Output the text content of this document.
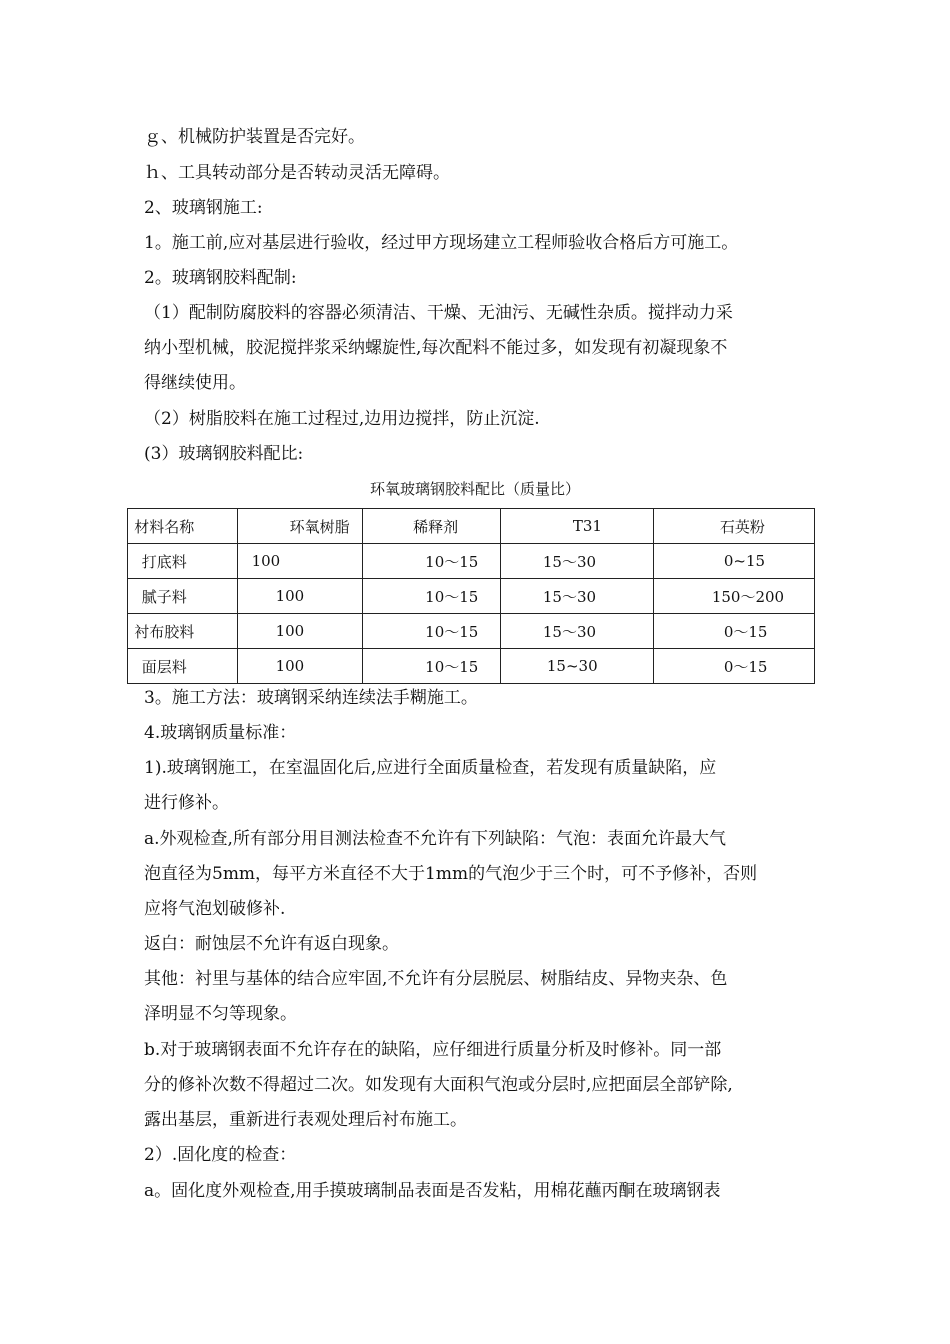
ｇ、机械防护装置是否完好。
ｈ、工具转动部分是否转动灵活无障碍。
2、玻璃钢施工:
1。施工前,应对基层进行验收，经过甲方现场建立工程师验收合格后方可施工。
2。玻璃钢胶料配制:
（1）配制防腐胶料的容器必须清洁、干燥、无油污、无碱性杂质。搅拌动力采
纳小型机械，胶泥搅拌浆采纳螺旋性,每次配料不能过多，如发现有初凝现象不
得继续使用。
（2）树脂胶料在施工过程过,边用边搅拌，防止沉淀.
(3）玻璃钢胶料配比:
环氧玻璃钢胶料配比（质量比）
材料名称	环氧树脂	稀释剂	T31	石英粉
打底料	100	10～15	15～30	0~15
腻子料	100	10～15	15～30	150～200
衬布胶料	100	10～15	15～30	0～15
面层料	100	10～15	15~30	0～15
3。施工方法：玻璃钢采纳连续法手糊施工。
4.玻璃钢质量标准：
1).玻璃钢施工，在室温固化后,应进行全面质量检查，若发现有质量缺陷，应
进行修补。
a.外观检查,所有部分用目测法检查不允许有下列缺陷：气泡：表面允许最大气
泡直径为5mm，每平方米直径不大于1mm的气泡少于三个时，可不予修补，否则
应将气泡划破修补.
返白：耐蚀层不允许有返白现象。
其他：衬里与基体的结合应牢固,不允许有分层脱层、树脂结皮、异物夹杂、色
泽明显不匀等现象。
b.对于玻璃钢表面不允许存在的缺陷，应仔细进行质量分析及时修补。同一部
分的修补次数不得超过二次。如发现有大面积气泡或分层时,应把面层全部铲除,
露出基层，重新进行表观处理后衬布施工。
2）.固化度的检查：
a。固化度外观检查,用手摸玻璃制品表面是否发粘，用棉花蘸丙酮在玻璃钢表
